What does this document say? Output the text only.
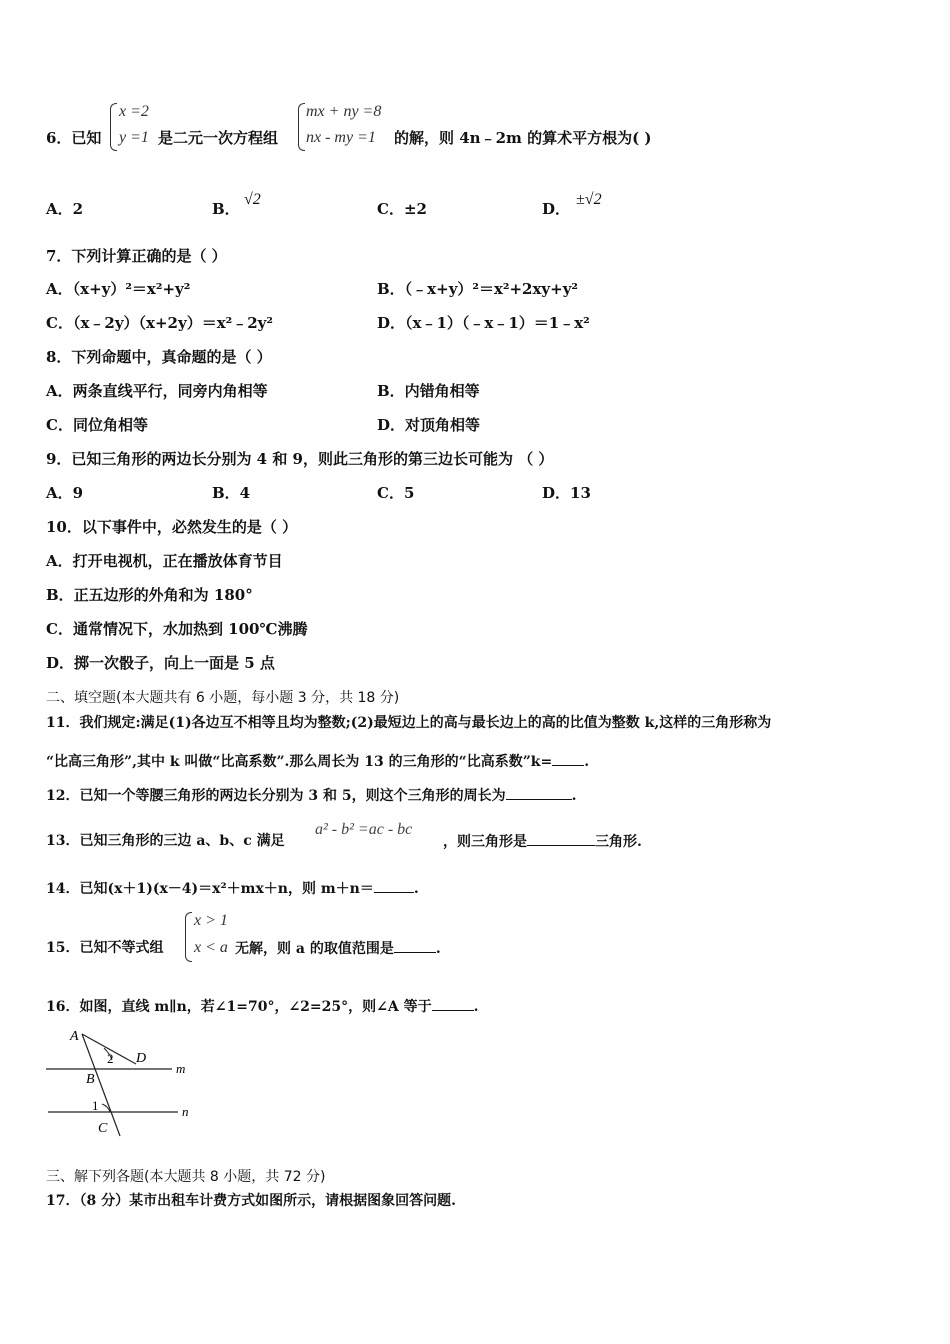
6．已知
x =2
y =1 是二元一次方程组
mx + ny =8
nx - my =1 的解，则 4n﹣2m 的算术平方根为( )
A．2	B．
√2
C．±2	D．
±√2
7．下列计算正确的是（ ）
A．（x+y）²＝x²+y²	B．（﹣x+y）²＝x²+2xy+y²
C．（x﹣2y）（x+2y）＝x²﹣2y²	D．（x﹣1）（﹣x﹣1）＝1﹣x²
8．下列命题中，真命题的是（ ）
A．两条直线平行，同旁内角相等	B．内错角相等
C．同位角相等	D．对顶角相等
9．已知三角形的两边长分别为 4 和 9，则此三角形的第三边长可能为 （ ）
A．9	B．4	C．5	D．13
10．以下事件中，必然发生的是（ ）
A．打开电视机，正在播放体育节目
B．正五边形的外角和为 180°
C．通常情况下，水加热到 100℃沸腾
D．掷一次骰子，向上一面是 5 点
二、填空题(本大题共有 6 小题，每小题 3 分，共 18 分)
11．我们规定:满足(1)各边互不相等且均为整数;(2)最短边上的高与最长边上的高的比值为整数 k,这样的三角形称为
“比高三角形”,其中 k 叫做“比高系数”.那么周长为 13 的三角形的“比高系数”k= .
12．已知一个等腰三角形的两边长分别为 3 和 5，则这个三角形的周长为	.
13．已知三角形的三边 a、b、c 满足
a² - b² =ac - bc
，则三角形是	三角形.
14．已知(x＋1)(x－4)＝x²＋mx＋n，则 m＋n＝	.
15．已知不等式组
x > 1
x < a 无解，则 a 的取值范围是	.
16．如图，直线 m∥n，若∠1=70°，∠2=25°，则∠A 等于	.
A
B
C
D
m
n
1
2
三、解下列各题(本大题共 8 小题，共 72 分)
17．（8 分）某市出租车计费方式如图所示，请根据图象回答问题.
